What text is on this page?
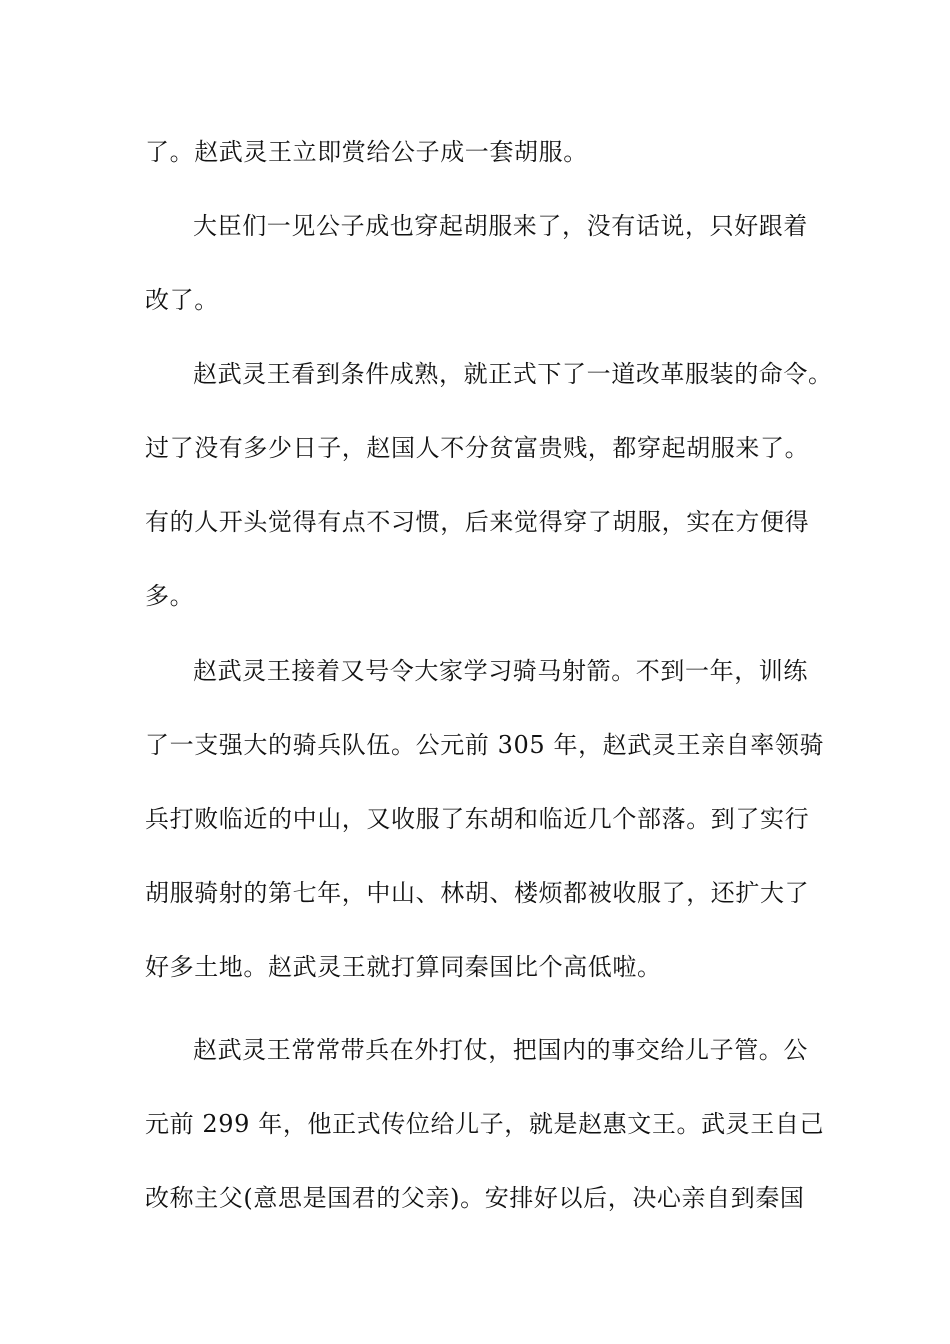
了。赵武灵王立即赏给公子成一套胡服。
大臣们一见公子成也穿起胡服来了，没有话说，只好跟着
改了。
赵武灵王看到条件成熟，就正式下了一道改革服装的命令。
过了没有多少日子，赵国人不分贫富贵贱，都穿起胡服来了。
有的人开头觉得有点不习惯，后来觉得穿了胡服，实在方便得
多。
赵武灵王接着又号令大家学习骑马射箭。不到一年，训练
了一支强大的骑兵队伍。公元前 305 年，赵武灵王亲自率领骑
兵打败临近的中山，又收服了东胡和临近几个部落。到了实行
胡服骑射的第七年，中山、林胡、楼烦都被收服了，还扩大了
好多土地。赵武灵王就打算同秦国比个高低啦。
赵武灵王常常带兵在外打仗，把国内的事交给儿子管。公
元前 299 年，他正式传位给儿子，就是赵惠文王。武灵王自己
改称主父(意思是国君的父亲)。安排好以后，决心亲自到秦国
